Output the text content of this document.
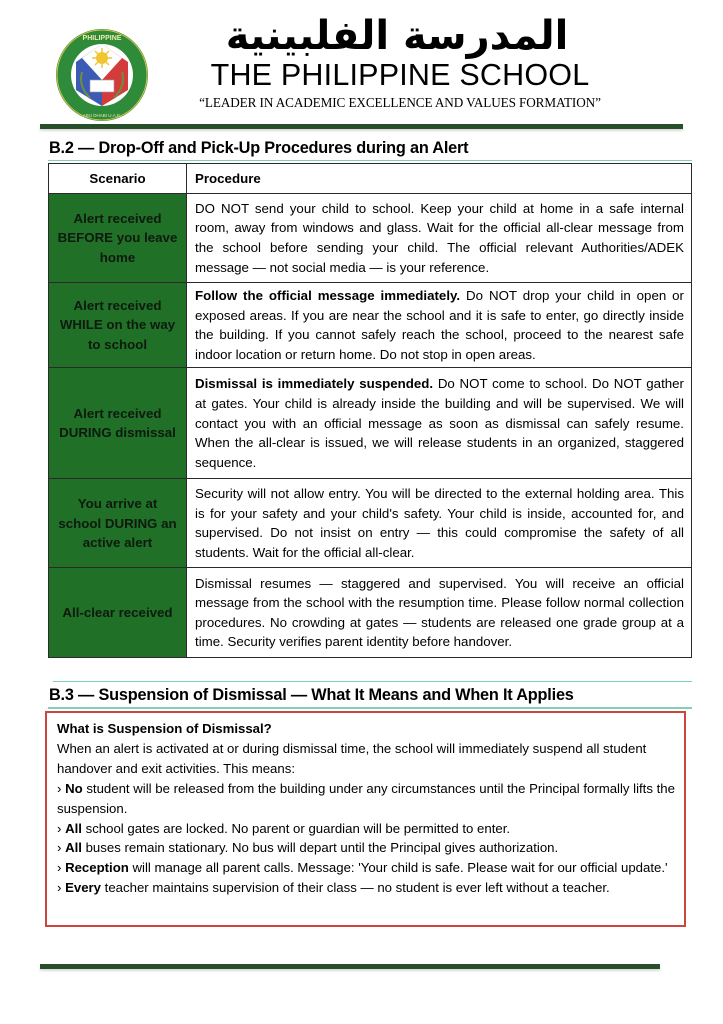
PHILIPPINE
ABU DHABI U.A.E.
المدرسة الفلبينية
THE PHILIPPINE SCHOOL
“LEADER IN ACADEMIC EXCELLENCE AND VALUES FORMATION”
B.2 — Drop-Off and Pick-Up Procedures during an Alert
Scenario	Procedure
Alert received BEFORE you leave home	DO NOT send your child to school. Keep your child at home in a safe internal room, away from windows and glass. Wait for the official all-clear message from the school before sending your child. The official relevant Authorities/ADEK message — not social media — is your reference.
Alert received WHILE on the way to school	Follow the official message immediately. Do NOT drop your child in open or exposed areas. If you are near the school and it is safe to enter, go directly inside the building. If you cannot safely reach the school, proceed to the nearest safe indoor location or return home. Do not stop in open areas.
Alert received DURING dismissal	Dismissal is immediately suspended. Do NOT come to school. Do NOT gather at gates. Your child is already inside the building and will be supervised. We will contact you with an official message as soon as dismissal can safely resume. When the all-clear is issued, we will release students in an organized, staggered sequence.
You arrive at school DURING an active alert	Security will not allow entry. You will be directed to the external holding area. This is for your safety and your child's safety. Your child is inside, accounted for, and supervised. Do not insist on entry — this could compromise the safety of all students. Wait for the official all-clear.
All-clear received	Dismissal resumes — staggered and supervised. You will receive an official message from the school with the resumption time. Please follow normal collection procedures. No crowding at gates — students are released one grade group at a time. Security verifies parent identity before handover.
B.3 — Suspension of Dismissal — What It Means and When It Applies
What is Suspension of Dismissal?
When an alert is activated at or during dismissal time, the school will immediately suspend all student handover and exit activities. This means:
› No student will be released from the building under any circumstances until the Principal formally lifts the suspension.
› All school gates are locked. No parent or guardian will be permitted to enter.
› All buses remain stationary. No bus will depart until the Principal gives authorization.
› Reception will manage all parent calls. Message: 'Your child is safe. Please wait for our official update.'
› Every teacher maintains supervision of their class — no student is ever left without a teacher.
